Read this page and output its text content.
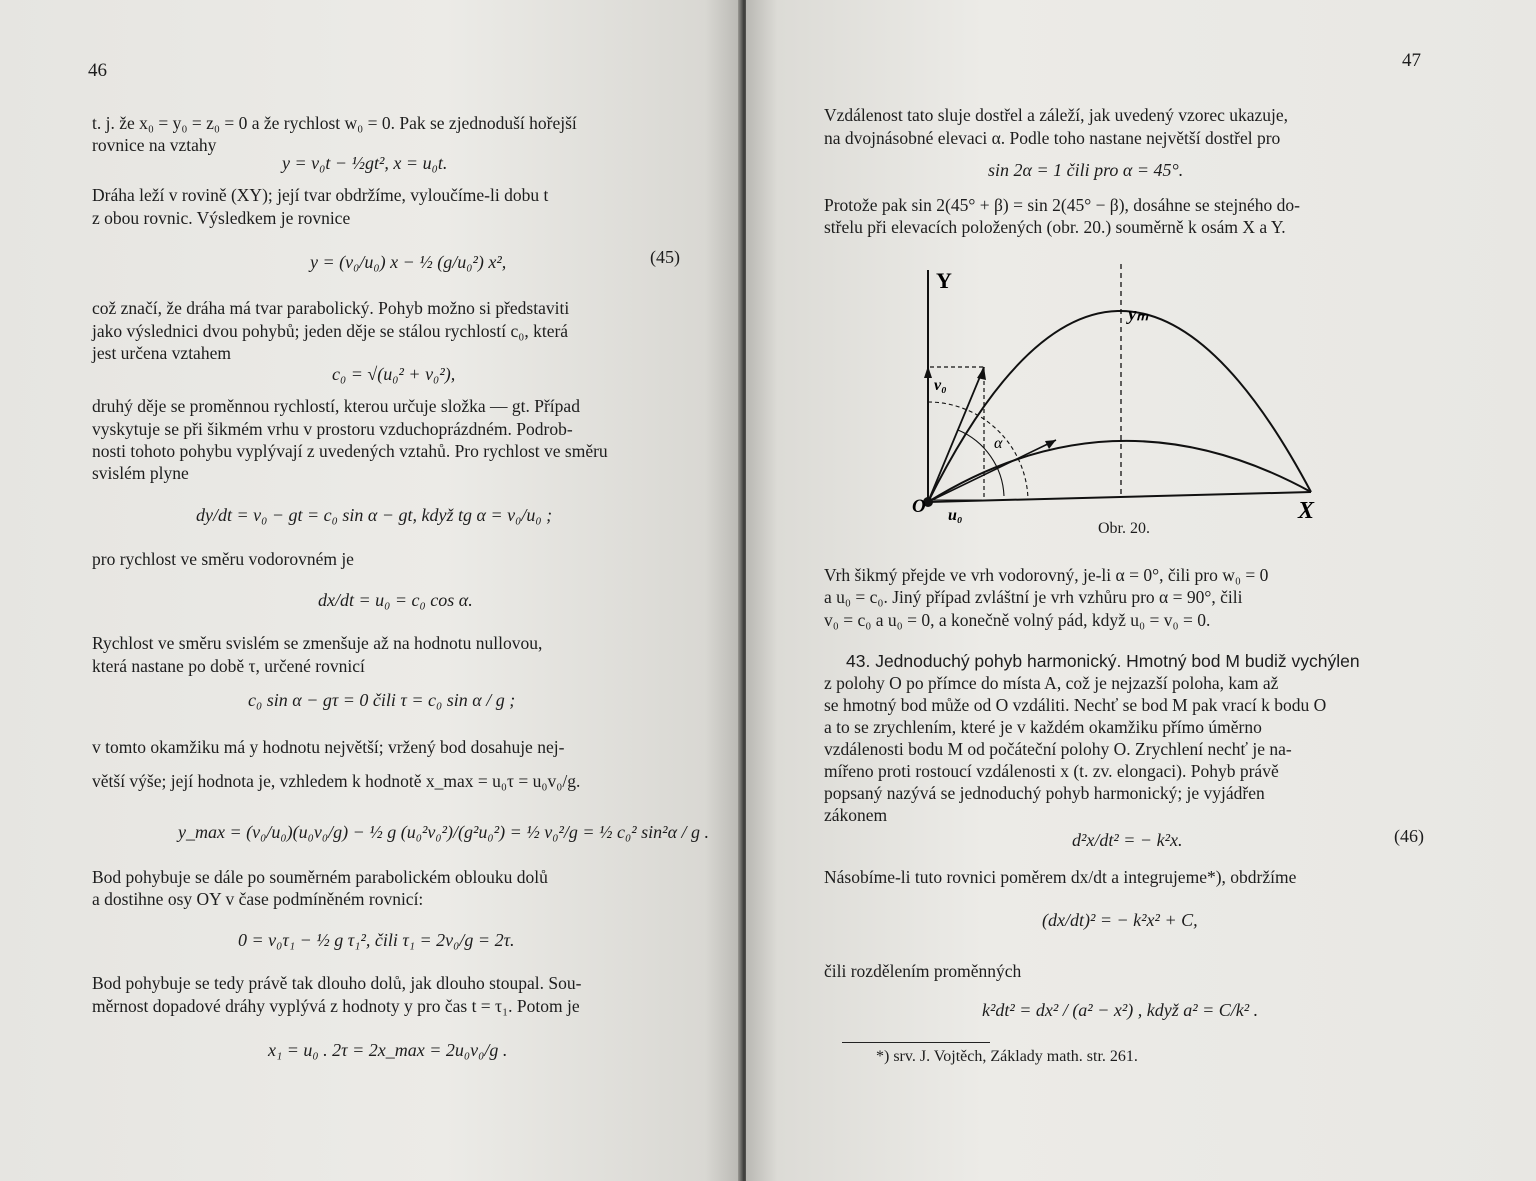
46
t. j. že x₀ = y₀ = z₀ = 0 a že rychlost w₀ = 0. Pak se zjednoduší hořejší
rovnice na vztahy
y = v₀t − ½gt², x = u₀t.
Dráha leží v rovině (XY); její tvar obdržíme, vyloučíme-li dobu t
z obou rovnic. Výsledkem je rovnice
y = (v₀/u₀) x − ½ (g/u₀²) x²,	(45)
což značí, že dráha má tvar parabolický. Pohyb možno si představiti
jako výslednici dvou pohybů; jeden děje se stálou rychlostí c₀, která
jest určena vztahem
c₀ = √(u₀² + v₀²),
druhý děje se proměnnou rychlostí, kterou určuje složka — gt. Případ
vyskytuje se při šikmém vrhu v prostoru vzduchoprázdném. Podrob-
nosti tohoto pohybu vyplývají z uvedených vztahů. Pro rychlost ve směru
svislém plyne
dy/dt = v₀ − gt = c₀ sin α − gt, když tg α = v₀/u₀ ;
pro rychlost ve směru vodorovném je
dx/dt = u₀ = c₀ cos α.
Rychlost ve směru svislém se zmenšuje až na hodnotu nullovou,
která nastane po době τ, určené rovnicí
c₀ sin α − gτ = 0 čili τ = c₀ sin α / g ;
v tomto okamžiku má y hodnotu největší; vržený bod dosahuje nej-
větší výše; její hodnota je, vzhledem k hodnotě x_max = u₀τ = u₀v₀/g.
y_max = (v₀/u₀)(u₀v₀/g) − ½ g (u₀²v₀²)/(g²u₀²) = ½ v₀²/g = ½ c₀² sin²α / g .
Bod pohybuje se dále po souměrném parabolickém oblouku dolů
a dostihne osy OY v čase podmíněném rovnicí:
0 = v₀τ₁ − ½ g τ₁², čili τ₁ = 2v₀/g = 2τ.
Bod pohybuje se tedy právě tak dlouho dolů, jak dlouho stoupal. Sou-
měrnost dopadové dráhy vyplývá z hodnoty y pro čas t = τ₁. Potom je
x₁ = u₀ . 2τ = 2x_max = 2u₀v₀/g .
47
Vzdálenost tato sluje dostřel a záleží, jak uvedený vzorec ukazuje,
na dvojnásobné elevaci α. Podle toho nastane největší dostřel pro
sin 2α = 1 čili pro α = 45°.
Protože pak sin 2(45° + β) = sin 2(45° − β), dosáhne se stejného do-
střelu při elevacích položených (obr. 20.) souměrně k osám X a Y.
Y
yₘ
v₀
α
O u₀	X
Obr. 20.
Vrh šikmý přejde ve vrh vodorovný, je-li α = 0°, čili pro w₀ = 0
a u₀ = c₀. Jiný případ zvláštní je vrh vzhůru pro α = 90°, čili
v₀ = c₀ a u₀ = 0, a konečně volný pád, když u₀ = v₀ = 0.
43. Jednoduchý pohyb harmonický. Hmotný bod M budiž vychýlen
z polohy O po přímce do místa A, což je nejzazší poloha, kam až
se hmotný bod může od O vzdáliti. Nechť se bod M pak vrací k bodu O
a to se zrychlením, které je v každém okamžiku přímo úměrno
vzdálenosti bodu M od počáteční polohy O. Zrychlení nechť je na-
mířeno proti rostoucí vzdálenosti x (t. zv. elongaci). Pohyb právě
popsaný nazývá se jednoduchý pohyb harmonický; je vyjádřen
zákonem
d²x/dt² = − k²x.	(46)
Násobíme-li tuto rovnici poměrem dx/dt a integrujeme*), obdržíme
(dx/dt)² = − k²x² + C,
čili rozdělením proměnných
k²dt² = dx² / (a² − x²) , když a² = C/k² .
*) srv. J. Vojtěch, Základy math. str. 261.
